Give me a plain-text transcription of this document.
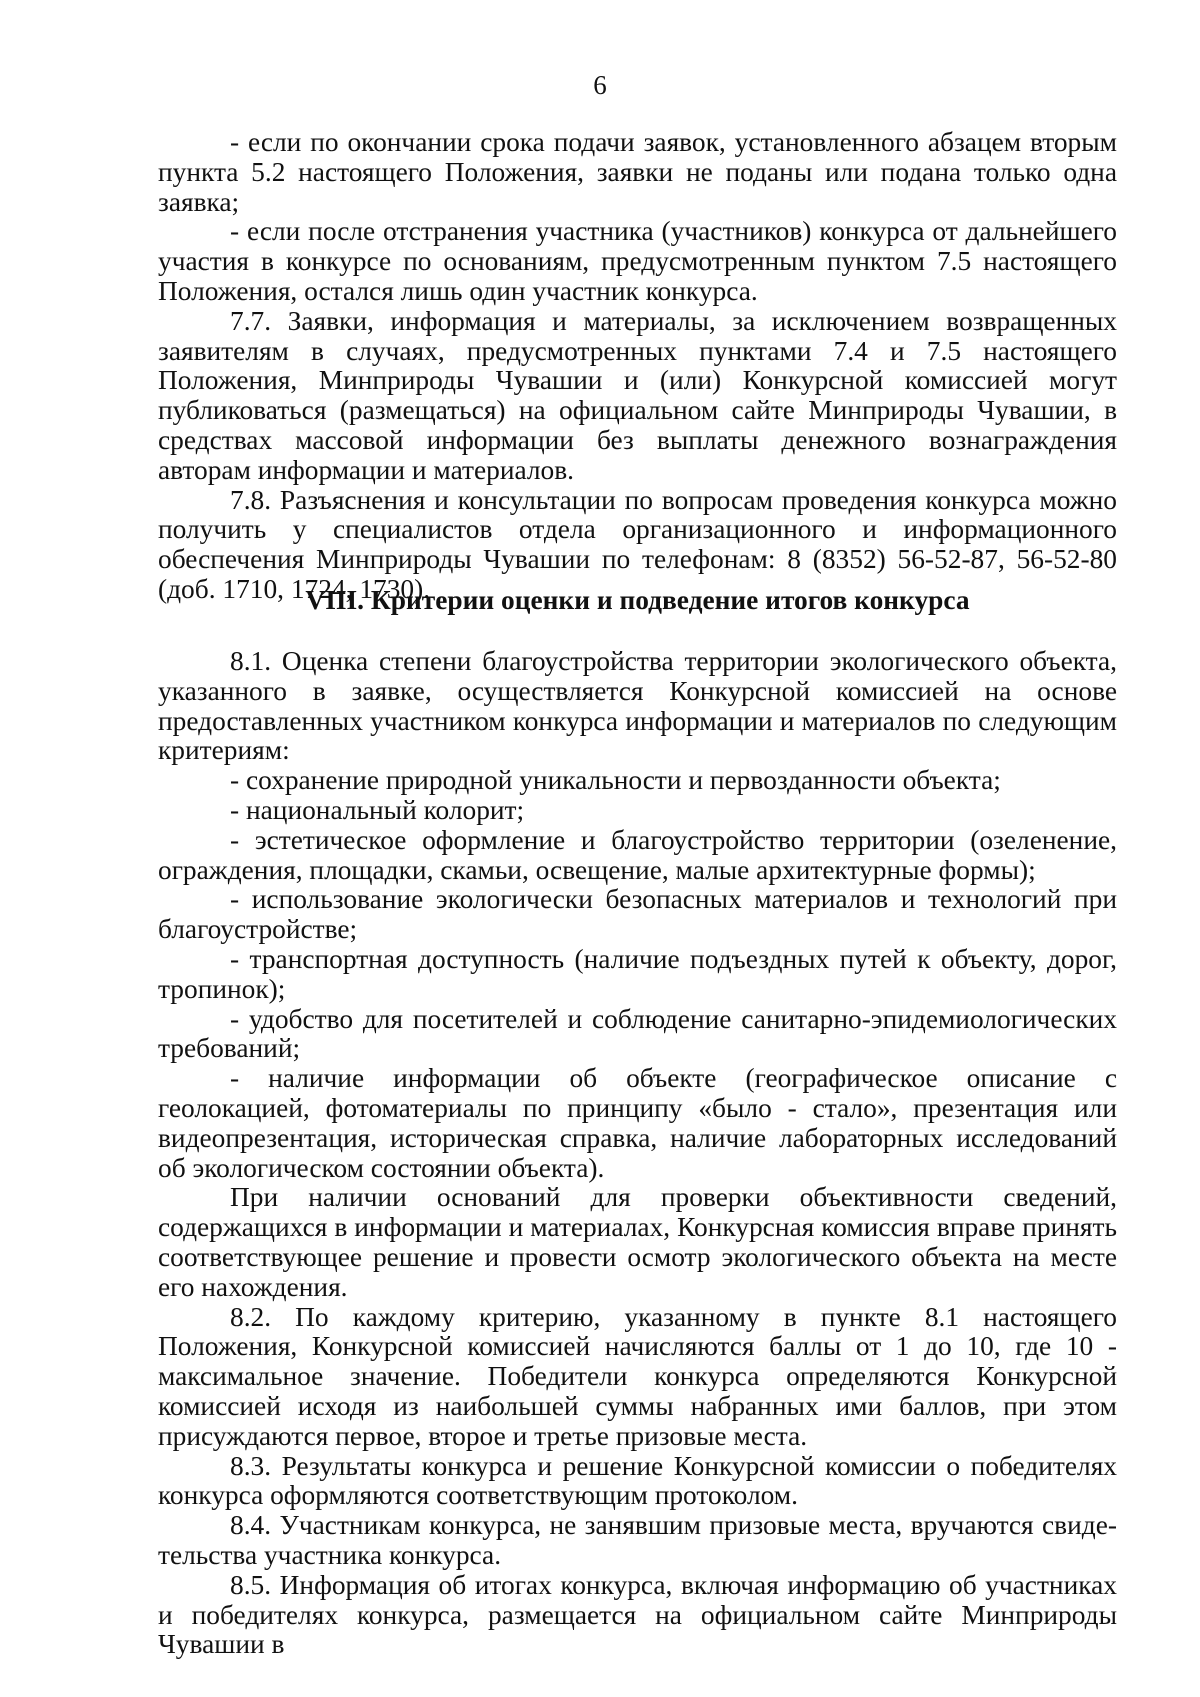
6

- если по окончании срока подачи заявок, установленного абзацем вторым пункта 5.2 настоящего Положения, заявки не поданы или подана только одна заявка;

- если после отстранения участника (участников) конкурса от дальнейшего участия в конкурсе по основаниям, предусмотренным пунктом 7.5 настоящего Положения, остался лишь один участник конкурса.

7.7. Заявки, информация и материалы, за исключением возвращенных заявителям в случаях, предусмотренных пунктами 7.4 и 7.5 настоящего Положения, Минприроды Чувашии и (или) Конкурсной комиссией могут публиковаться (размещаться) на официальном сайте Минприроды Чувашии, в средствах массовой информации без выплаты денежного вознаграждения авторам информации и материалов.

7.8. Разъяснения и консультации по вопросам проведения конкурса можно получить у специалистов отдела организационного и информационного обеспечения Минприроды Чувашии по телефонам: 8 (8352) 56-52-87, 56-52-80 (доб. 1710, 1724, 1730).

VIII. Критерии оценки и подведение итогов конкурса

8.1. Оценка степени благоустройства территории экологического объекта, указанного в заявке, осуществляется Конкурсной комиссией на основе предоставленных участником конкурса информации и материалов по следующим критериям:

- сохранение природной уникальности и первозданности объекта;

- национальный колорит;

- эстетическое оформление и благоустройство территории (озеленение, ограждения, площадки, скамьи, освещение, малые архитектурные формы);

- использование экологически безопасных материалов и технологий при благоустройстве;

- транспортная доступность (наличие подъездных путей к объекту, дорог, тропинок);

- удобство для посетителей и соблюдение санитарно-эпидемиологических требований;

- наличие информации об объекте (географическое описание с геолокацией, фотоматериалы по принципу «было - стало», презентация или видеопрезентация, историческая справка, наличие лабораторных исследований об экологическом состоянии объекта).

При наличии оснований для проверки объективности сведений, содержащихся в информации и материалах, Конкурсная комиссия вправе принять соответствующее решение и провести осмотр экологического объекта на месте его нахождения.

8.2. По каждому критерию, указанному в пункте 8.1 настоящего Положения, Конкурсной комиссией начисляются баллы от 1 до 10, где 10 - максимальное значение. Победители конкурса определяются Конкурсной комиссией исходя из наибольшей суммы набранных ими баллов, при этом присуждаются первое, второе и третье призовые места.

8.3. Результаты конкурса и решение Конкурсной комиссии о победителях конкурса оформляются соответствующим протоколом.

8.4. Участникам конкурса, не занявшим призовые места, вручаются свидетельства участника конкурса.

8.5. Информация об итогах конкурса, включая информацию об участниках и победителях конкурса, размещается на официальном сайте Минприроды Чувашии в
